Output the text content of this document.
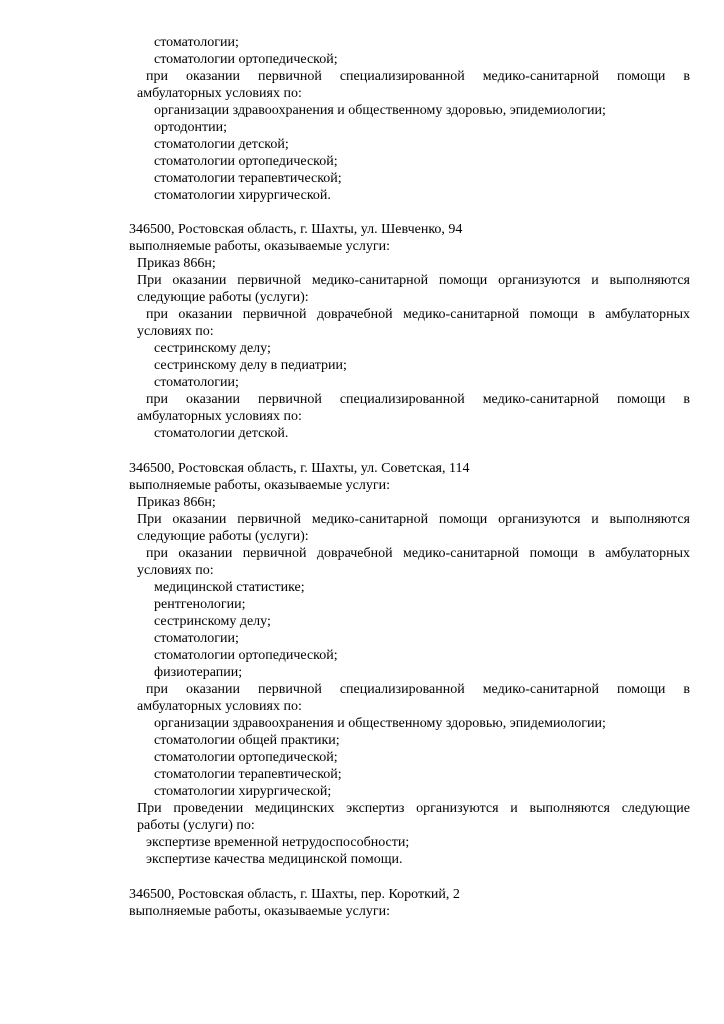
стоматологии;
стоматологии ортопедической;
при оказании первичной специализированной медико-санитарной помощи в
амбулаторных условиях по:
организации здравоохранения и общественному здоровью, эпидемиологии;
ортодонтии;
стоматологии детской;
стоматологии ортопедической;
стоматологии терапевтической;
стоматологии хирургической.
346500, Ростовская область, г. Шахты, ул. Шевченко, 94
выполняемые работы, оказываемые услуги:
Приказ 866н;
При оказании первичной медико-санитарной помощи организуются и выполняются
следующие работы (услуги):
при оказании первичной доврачебной медико-санитарной помощи в амбулаторных
условиях по:
сестринскому делу;
сестринскому делу в педиатрии;
стоматологии;
при оказании первичной специализированной медико-санитарной помощи в
амбулаторных условиях по:
стоматологии детской.
346500, Ростовская область, г. Шахты, ул. Советская, 114
выполняемые работы, оказываемые услуги:
Приказ 866н;
При оказании первичной медико-санитарной помощи организуются и выполняются
следующие работы (услуги):
при оказании первичной доврачебной медико-санитарной помощи в амбулаторных
условиях по:
медицинской статистике;
рентгенологии;
сестринскому делу;
стоматологии;
стоматологии ортопедической;
физиотерапии;
при оказании первичной специализированной медико-санитарной помощи в
амбулаторных условиях по:
организации здравоохранения и общественному здоровью, эпидемиологии;
стоматологии общей практики;
стоматологии ортопедической;
стоматологии терапевтической;
стоматологии хирургической;
При проведении медицинских экспертиз организуются и выполняются следующие
работы (услуги) по:
экспертизе временной нетрудоспособности;
экспертизе качества медицинской помощи.
346500, Ростовская область, г. Шахты, пер. Короткий, 2
выполняемые работы, оказываемые услуги:
